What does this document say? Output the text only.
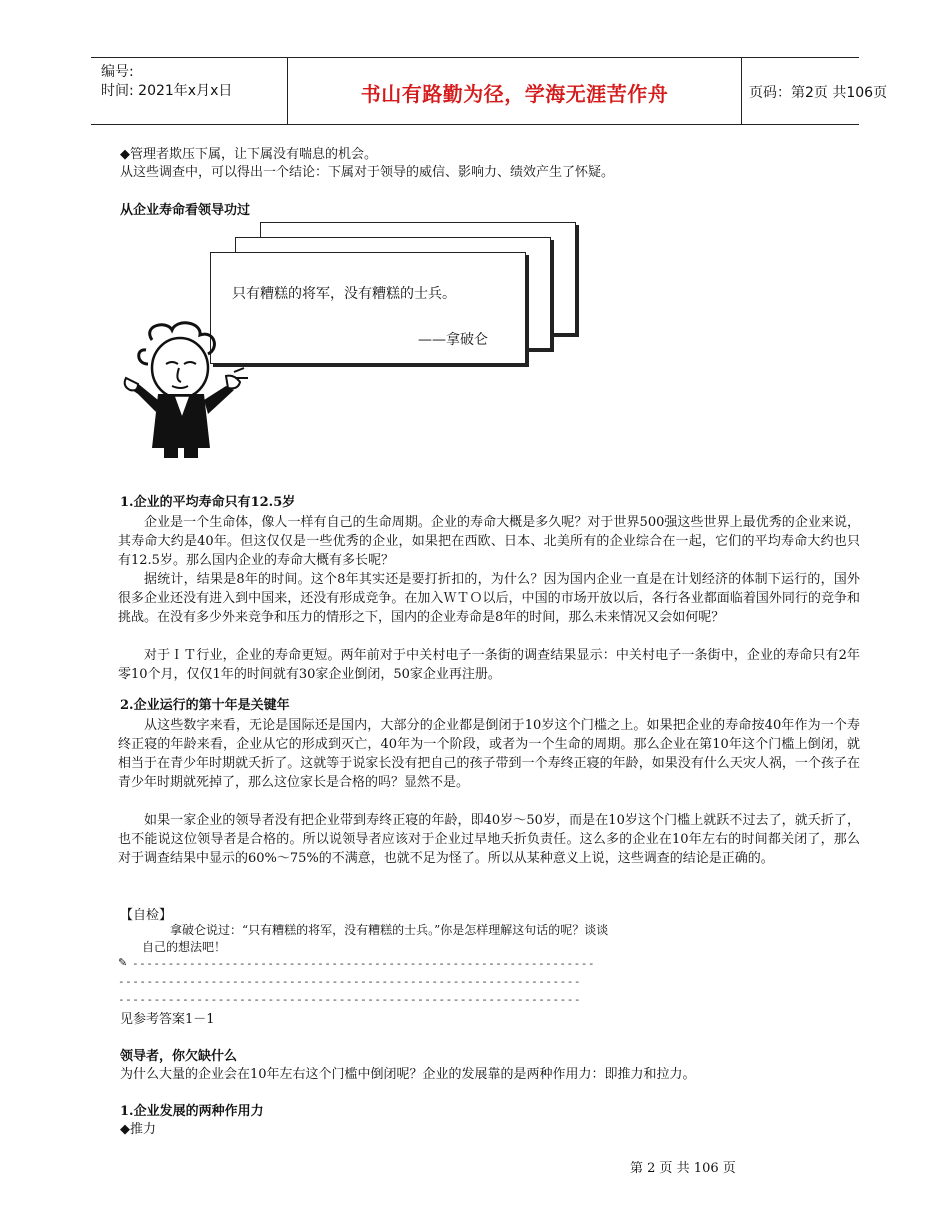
编号:
时间: 2021年x月x日	书山有路勤为径，学海无涯苦作舟	页码：第2页 共106页
◆管理者欺压下属，让下属没有喘息的机会。
从这些调查中，可以得出一个结论：下属对于领导的威信、影响力、绩效产生了怀疑。
从企业寿命看领导功过
只有糟糕的将军，没有糟糕的士兵。
——拿破仑
1.企业的平均寿命只有12.5岁
企业是一个生命体，像人一样有自己的生命周期。企业的寿命大概是多久呢？对于世界500强这些世界上最优秀的企业来说，其寿命大约是40年。但这仅仅是一些优秀的企业，如果把在西欧、日本、北美所有的企业综合在一起，它们的平均寿命大约也只有12.5岁。那么国内企业的寿命大概有多长呢？
据统计，结果是8年的时间。这个8年其实还是要打折扣的，为什么？因为国内企业一直是在计划经济的体制下运行的，国外很多企业还没有进入到中国来，还没有形成竞争。在加入ＷＴＯ以后，中国的市场开放以后，各行各业都面临着国外同行的竞争和挑战。在没有多少外来竞争和压力的情形之下，国内的企业寿命是8年的时间，那么未来情况又会如何呢？
对于ＩＴ行业，企业的寿命更短。两年前对于中关村电子一条街的调查结果显示：中关村电子一条街中，企业的寿命只有2年零10个月，仅仅1年的时间就有30家企业倒闭，50家企业再注册。
2.企业运行的第十年是关键年
从这些数字来看，无论是国际还是国内，大部分的企业都是倒闭于10岁这个门槛之上。如果把企业的寿命按40年作为一个寿终正寝的年龄来看，企业从它的形成到灭亡，40年为一个阶段，或者为一个生命的周期。那么企业在第10年这个门槛上倒闭，就相当于在青少年时期就夭折了。这就等于说家长没有把自己的孩子带到一个寿终正寝的年龄，如果没有什么天灾人祸，一个孩子在青少年时期就死掉了，那么这位家长是合格的吗？显然不是。
如果一家企业的领导者没有把企业带到寿终正寝的年龄，即40岁～50岁，而是在10岁这个门槛上就跃不过去了，就夭折了，也不能说这位领导者是合格的。所以说领导者应该对于企业过早地夭折负责任。这么多的企业在10年左右的时间都关闭了，那么对于调查结果中显示的60%～75%的不满意，也就不足为怪了。所以从某种意义上说，这些调查的结论是正确的。
【自检】
拿破仑说过：“只有糟糕的将军，没有糟糕的士兵。”你是怎样理解这句话的呢？谈谈
自己的想法吧！
✎ -----------------------------------------------------------------
-----------------------------------------------------------------
-----------------------------------------------------------------
见参考答案1－1
领导者，你欠缺什么
为什么大量的企业会在10年左右这个门槛中倒闭呢？企业的发展靠的是两种作用力：即推力和拉力。
1.企业发展的两种作用力
◆推力
第 2 页 共 106 页
